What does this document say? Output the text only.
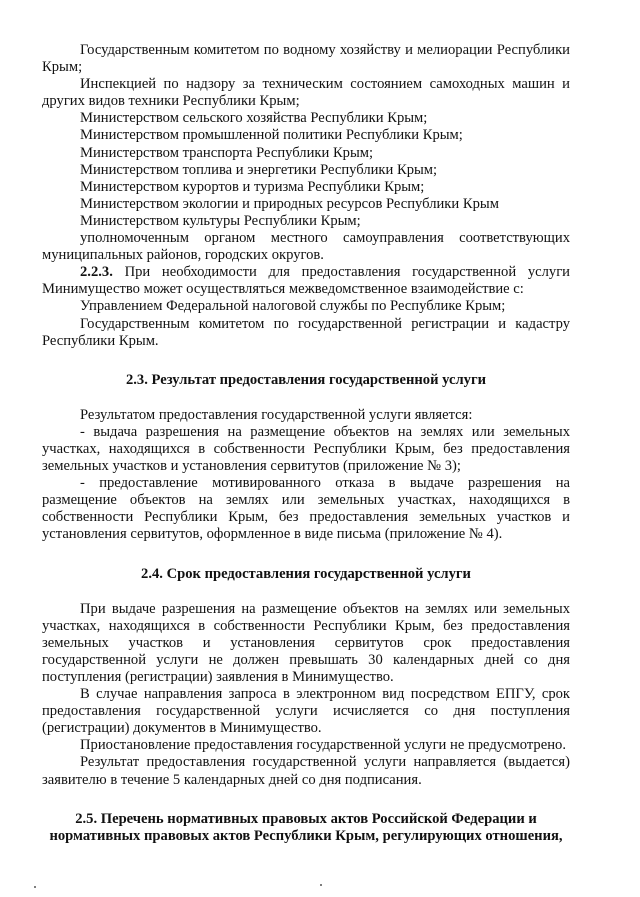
Государственным комитетом по водному хозяйству и мелиорации Республики Крым;

Инспекцией по надзору за техническим состоянием самоходных машин и других видов техники Республики Крым;

Министерством сельского хозяйства Республики Крым;

Министерством промышленной политики Республики Крым;

Министерством транспорта Республики Крым;

Министерством топлива и энергетики Республики Крым;

Министерством курортов и туризма Республики Крым;

Министерством экологии и природных ресурсов Республики Крым

Министерством культуры Республики Крым;

уполномоченным органом местного самоуправления соответствующих муниципальных районов, городских округов.

2.2.3. При необходимости для предоставления государственной услуги Минимущество может осуществляться межведомственное взаимодействие с:

Управлением Федеральной налоговой службы по Республике Крым;

Государственным комитетом по государственной регистрации и кадастру Республики Крым.

2.3. Результат предоставления государственной услуги

Результатом предоставления государственной услуги является:

- выдача разрешения на размещение объектов на землях или земельных участках, находящихся в собственности Республики Крым, без предоставления земельных участков и установления сервитутов (приложение № 3);

- предоставление мотивированного отказа в выдаче разрешения на размещение объектов на землях или земельных участках, находящихся в собственности Республики Крым, без предоставления земельных участков и установления сервитутов, оформленное в виде письма (приложение № 4).

2.4. Срок предоставления государственной услуги

При выдаче разрешения на размещение объектов на землях или земельных участках, находящихся в собственности Республики Крым, без предоставления земельных участков и установления сервитутов срок предоставления государственной услуги не должен превышать 30 календарных дней со дня поступления (регистрации) заявления в Минимущество.

В случае направления запроса в электронном вид посредством ЕПГУ, срок предоставления государственной услуги исчисляется со дня поступления (регистрации) документов в Минимущество.

Приостановление предоставления государственной услуги не предусмотрено.

Результат предоставления государственной услуги направляется (выдается) заявителю в течение 5 календарных дней со дня подписания.

2.5. Перечень нормативных правовых актов Российской Федерации и
нормативных правовых актов Республики Крым, регулирующих отношения,
